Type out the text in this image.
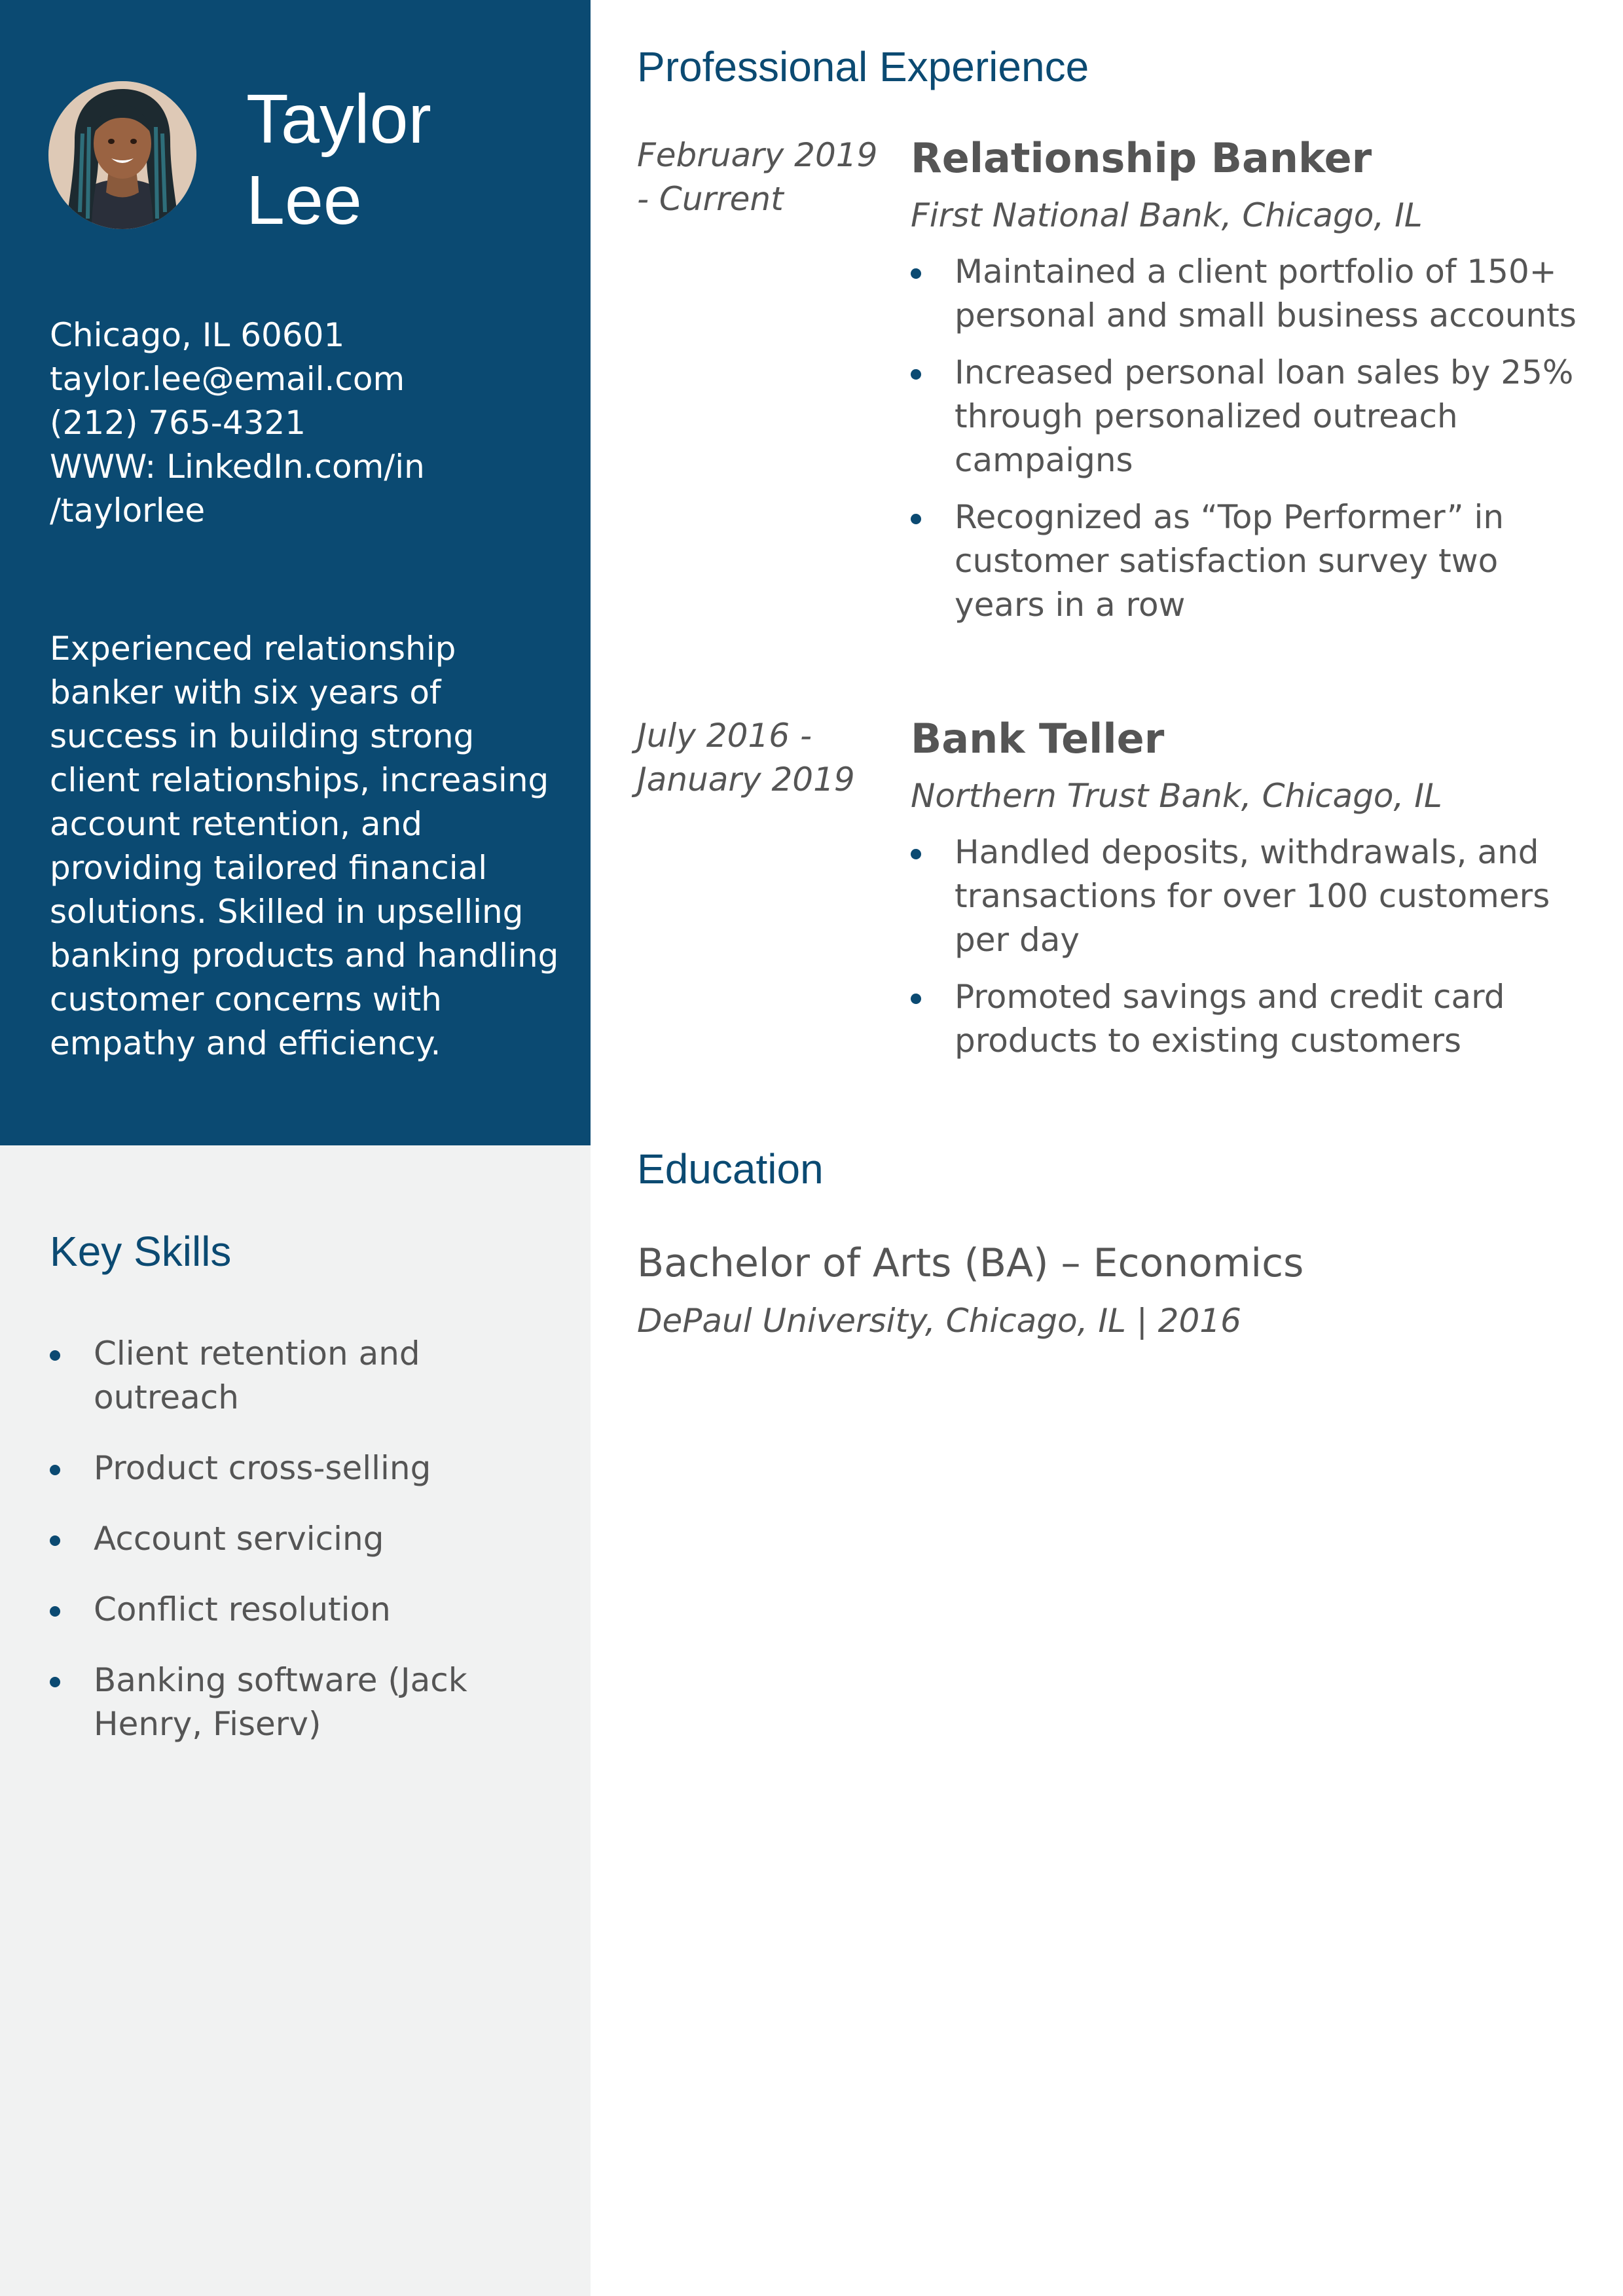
Taylor
Lee
Chicago, IL 60601
taylor.lee@email.com
(212) 765-4321
WWW: LinkedIn.com/in
/taylorlee

Experienced relationship banker with six years of success in building strong client relationships, increasing account retention, and providing tailored financial solutions. Skilled in upselling banking products and handling customer concerns with empathy and efficiency.

Key Skills
Client retention and outreach
Product cross-selling
Account servicing
Conflict resolution
Banking software (Jack Henry, Fiserv)
Professional Experience
February 2019 - Current
Relationship Banker
First National Bank, Chicago, IL
Maintained a client portfolio of 150+ personal and small business accounts
Increased personal loan sales by 25% through personalized outreach campaigns
Recognized as “Top Performer” in customer satisfaction survey two years in a row
July 2016 - January 2019
Bank Teller
Northern Trust Bank, Chicago, IL
Handled deposits, withdrawals, and transactions for over 100 customers per day
Promoted savings and credit card products to existing customers
Education
Bachelor of Arts (BA) – Economics
DePaul University, Chicago, IL | 2016
